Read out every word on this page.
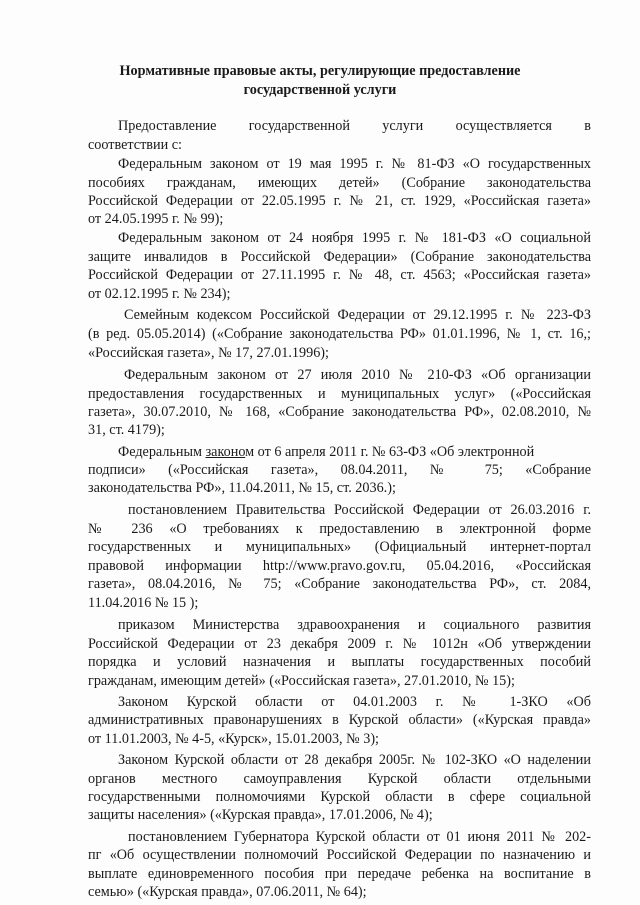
Нормативные правовые акты, регулирующие предоставление
государственной услуги
Предоставление государственной услуги осуществляется в
соответствии с:
Федеральным законом от 19 мая 1995 г. № 81-ФЗ «О государственных
пособиях гражданам, имеющих детей» (Собрание законодательства
Российской Федерации от 22.05.1995 г. № 21, ст. 1929, «Российская газета»
от 24.05.1995 г. № 99);
Федеральным законом от 24 ноября 1995 г. № 181-ФЗ «О социальной
защите инвалидов в Российской Федерации» (Собрание законодательства
Российской Федерации от 27.11.1995 г. № 48, ст. 4563; «Российская газета»
от 02.12.1995 г. № 234);
Семейным кодексом Российской Федерации от 29.12.1995 г. № 223-ФЗ
(в ред. 05.05.2014) («Собрание законодательства РФ» 01.01.1996, № 1, ст. 16,;
«Российская газета», № 17, 27.01.1996);
Федеральным законом от 27 июля 2010 № 210-ФЗ «Об организации
предоставления государственных и муниципальных услуг» («Российская
газета», 30.07.2010, № 168, «Собрание законодательства РФ», 02.08.2010, №
31, ст. 4179);
Федеральным законом от 6 апреля 2011 г. № 63-ФЗ «Об электронной
подписи» («Российская газета», 08.04.2011, № 75; «Собрание
законодательства РФ», 11.04.2011, № 15, ст. 2036.);
постановлением Правительства Российской Федерации от 26.03.2016 г.
№ 236 «О требованиях к предоставлению в электронной форме
государственных и муниципальных» (Официальный интернет-портал
правовой информации http://www.pravo.gov.ru, 05.04.2016, «Российская
газета», 08.04.2016, № 75; «Собрание законодательства РФ», ст. 2084,
11.04.2016 № 15 );
приказом Министерства здравоохранения и социального развития
Российской Федерации от 23 декабря 2009 г. № 1012н «Об утверждении
порядка и условий назначения и выплаты государственных пособий
гражданам, имеющим детей» («Российская газета», 27.01.2010, № 15);
Законом Курской области от 04.01.2003 г. № 1-ЗКО «Об
административных правонарушениях в Курской области» («Курская правда»
от 11.01.2003, № 4-5, «Курск», 15.01.2003, № 3);
Законом Курской области от 28 декабря 2005г. № 102-ЗКО «О наделении
органов местного самоуправления Курской области отдельными
государственными полномочиями Курской области в сфере социальной
защиты населения» («Курская правда», 17.01.2006, № 4);
постановлением Губернатора Курской области от 01 июня 2011 № 202-
пг «Об осуществлении полномочий Российской Федерации по назначению и
выплате единовременного пособия при передаче ребенка на воспитание в
семью» («Курская правда», 07.06.2011, № 64);
